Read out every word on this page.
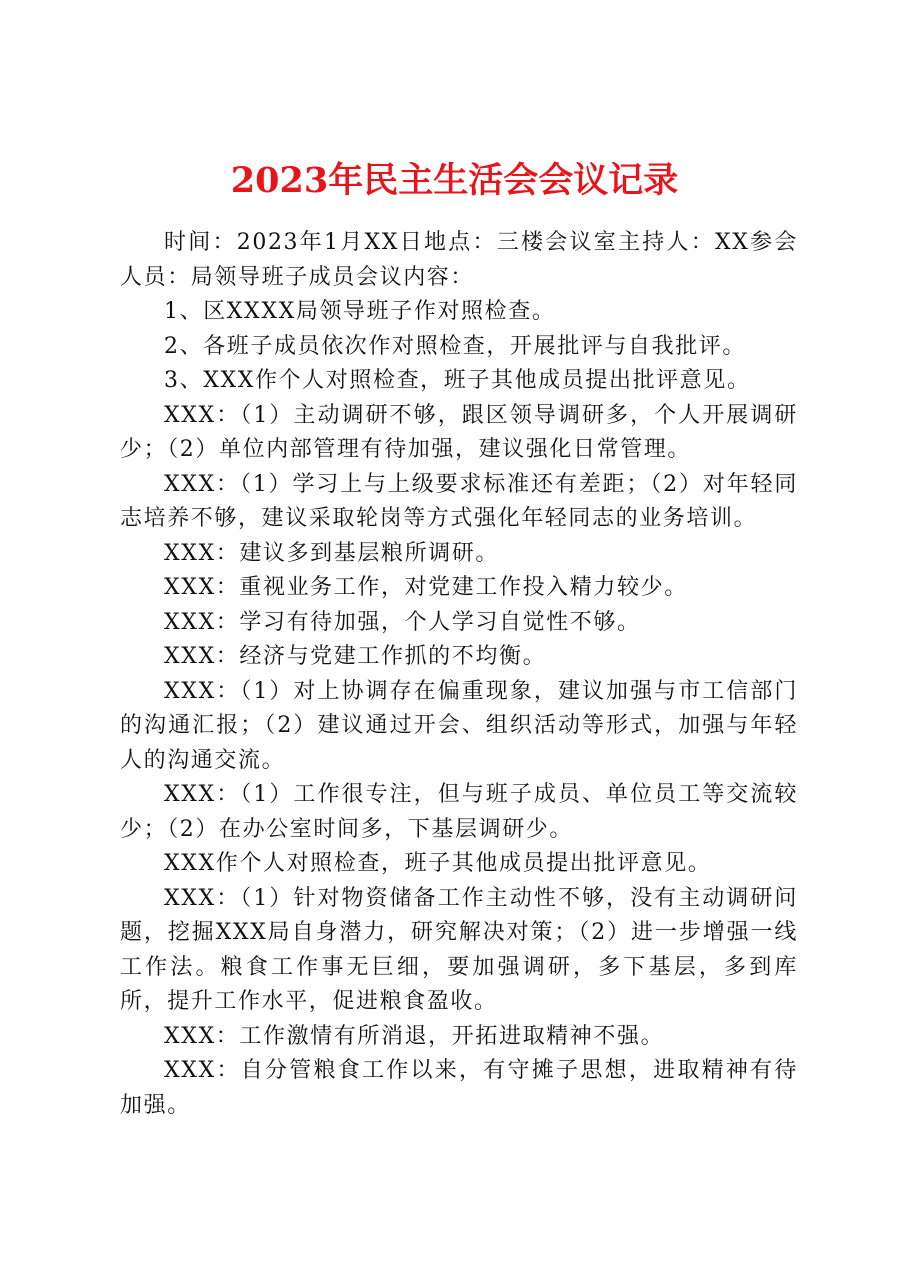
2023年民主生活会会议记录

时间：2023年1月XX日地点：三楼会议室主持人：XX参会人员：局领导班子成员会议内容：

1、区XXXX局领导班子作对照检查。

2、各班子成员依次作对照检查，开展批评与自我批评。

3、XXX作个人对照检查，班子其他成员提出批评意见。

XXX：（1）主动调研不够，跟区领导调研多，个人开展调研少；（2）单位内部管理有待加强，建议强化日常管理。

XXX：（1）学习上与上级要求标准还有差距；（2）对年轻同志培养不够，建议采取轮岗等方式强化年轻同志的业务培训。

XXX：建议多到基层粮所调研。

XXX：重视业务工作，对党建工作投入精力较少。

XXX：学习有待加强，个人学习自觉性不够。

XXX：经济与党建工作抓的不均衡。

XXX：（1）对上协调存在偏重现象，建议加强与市工信部门的沟通汇报；（2）建议通过开会、组织活动等形式，加强与年轻人的沟通交流。

XXX：（1）工作很专注，但与班子成员、单位员工等交流较少；（2）在办公室时间多，下基层调研少。

XXX作个人对照检查，班子其他成员提出批评意见。

XXX：（1）针对物资储备工作主动性不够，没有主动调研问题，挖掘XXX局自身潜力，研究解决对策；（2）进一步增强一线工作法。粮食工作事无巨细，要加强调研，多下基层，多到库所，提升工作水平，促进粮食盈收。

XXX：工作激情有所消退，开拓进取精神不强。

XXX：自分管粮食工作以来，有守摊子思想，进取精神有待加强。
